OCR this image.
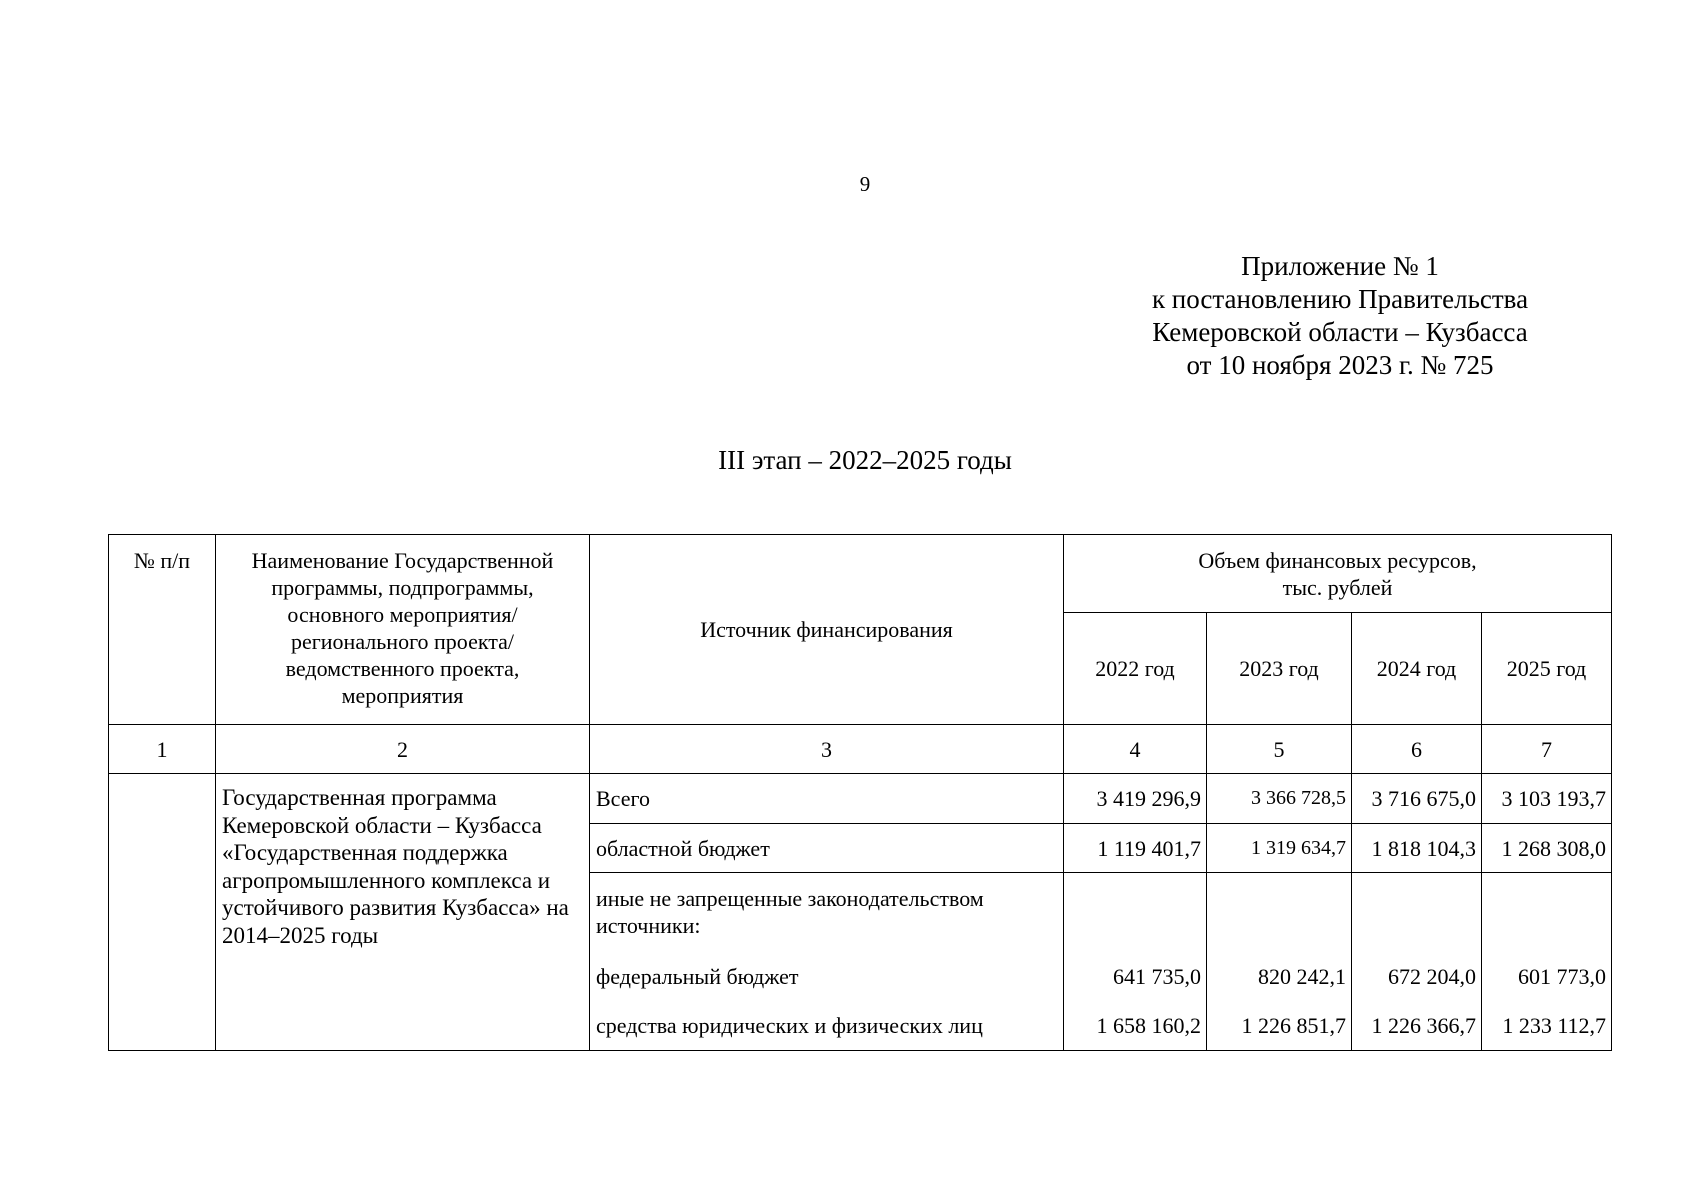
9
Приложение № 1
к постановлению Правительства
Кемеровской области – Кузбасса
от 10 ноября 2023 г. № 725
III этап – 2022–2025 годы
№ п/п	Наименование Государственной программы, подпрограммы, основного мероприятия/регионального проекта/ведомственного проекта, мероприятия	Источник финансирования	Объем финансовых ресурсов,
тыс. рублей			

			2022 год	2023 год	2024 год	2025 год
1	2	3	4	5	6	7
	Государственная программа Кемеровской области – Кузбасса «Государственная поддержка агропромышленного комплекса и устойчивого развития Кузбасса» на 2014–2025 годы	Всего	3 419 296,9	3 366 728,5	3 716 675,0	3 103 193,7
		областной бюджет	1 119 401,7	1 319 634,7	1 818 104,3	1 268 308,0
		иные не запрещенные законодательством источники:				
		федеральный бюджет	641 735,0	820 242,1	672 204,0	601 773,0
		средства юридических и физических лиц	1 658 160,2	1 226 851,7	1 226 366,7	1 233 112,7
